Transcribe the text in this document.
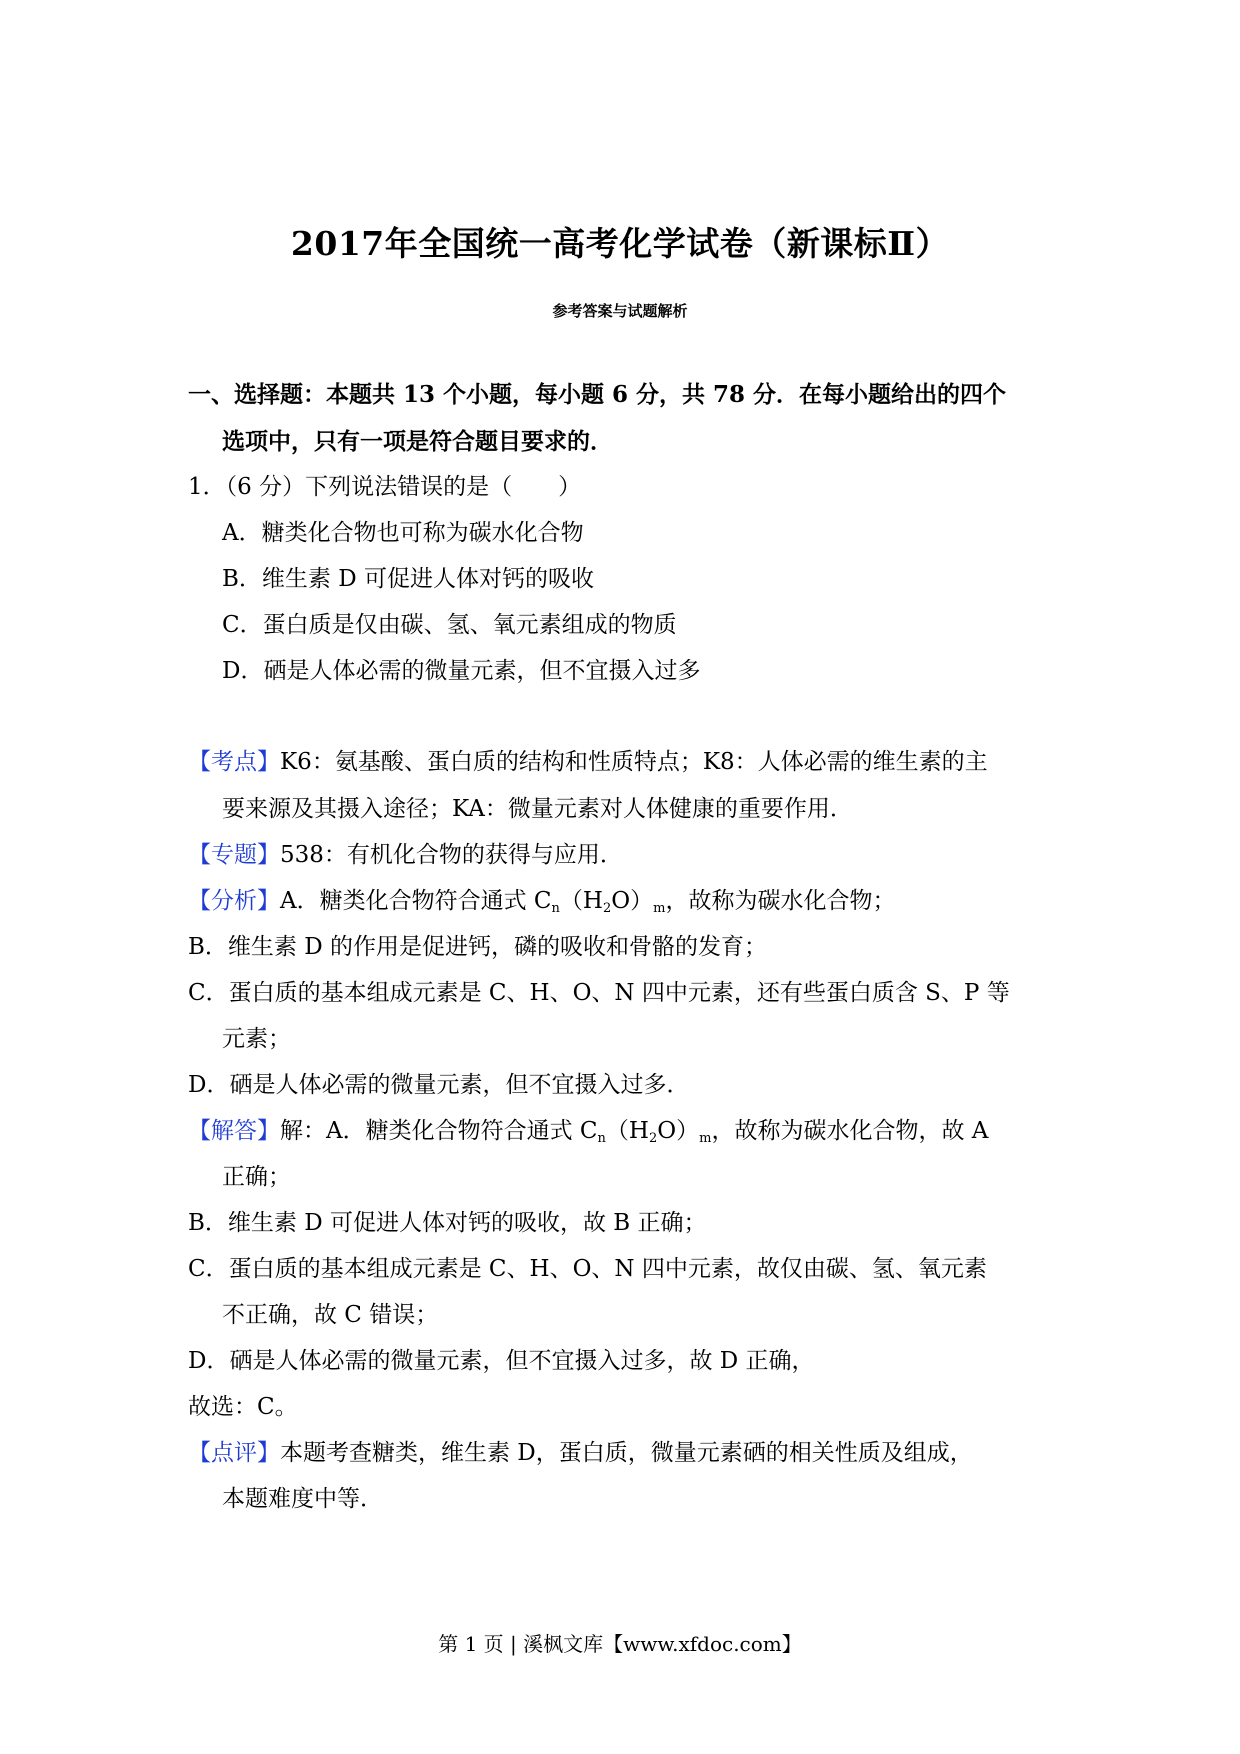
2017年全国统一高考化学试卷（新课标Ⅱ）
参考答案与试题解析
一、选择题：本题共 13 个小题，每小题 6 分，共 78 分．在每小题给出的四个
选项中，只有一项是符合题目要求的．
1．（6 分）下列说法错误的是（　　）
A．糖类化合物也可称为碳水化合物
B．维生素 D 可促进人体对钙的吸收
C．蛋白质是仅由碳、氢、氧元素组成的物质
D．硒是人体必需的微量元素，但不宜摄入过多
【考点】K6：氨基酸、蛋白质的结构和性质特点；K8：人体必需的维生素的主
要来源及其摄入途径；KA：微量元素对人体健康的重要作用．
【专题】538：有机化合物的获得与应用．
【分析】A．糖类化合物符合通式 $C_n(H_2O)_m$，故称为碳水化合物；
B．维生素 D 的作用是促进钙，磷的吸收和骨骼的发育；
C．蛋白质的基本组成元素是 C、H、O、N 四中元素，还有些蛋白质含 S、P 等
元素；
D．硒是人体必需的微量元素，但不宜摄入过多．
【解答】解：A．糖类化合物符合通式 $C_n(H_2O)_m$，故称为碳水化合物，故 A
正确；
B．维生素 D 可促进人体对钙的吸收，故 B 正确；
C．蛋白质的基本组成元素是 C、H、O、N 四中元素，故仅由碳、氢、氧元素
不正确，故 C 错误；
D．硒是人体必需的微量元素，但不宜摄入过多，故 D 正确，
故选：C。
【点评】本题考查糖类，维生素 D，蛋白质，微量元素硒的相关性质及组成，
本题难度中等．
第 1 页 | 溪枫文库【www.xfdoc.com】
